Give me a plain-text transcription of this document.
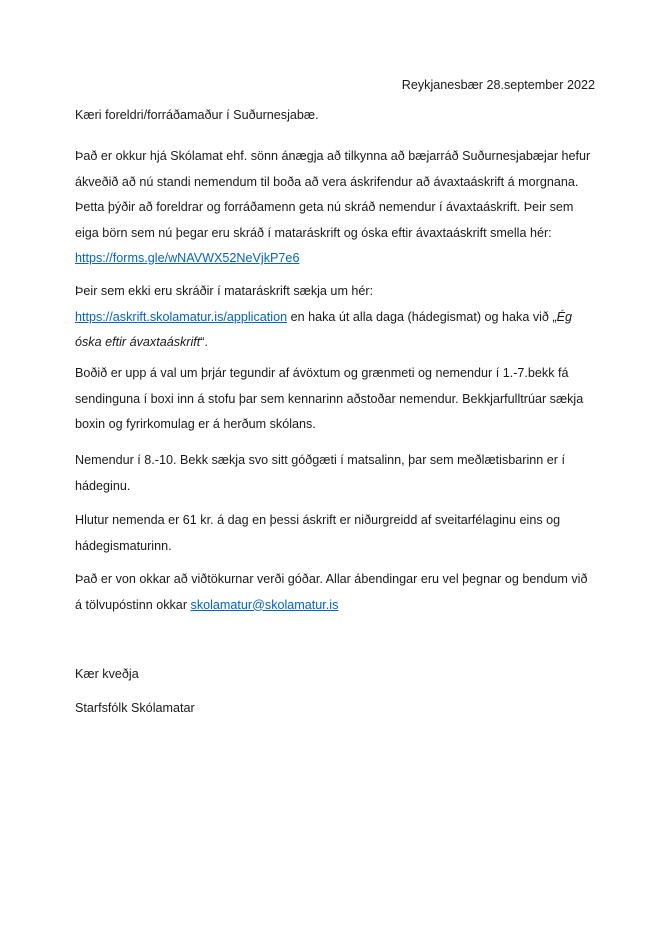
Reykjanesbær 28.september 2022

Kæri foreldri/forráðamaður í Suðurnesjabæ.

Það er okkur hjá Skólamat ehf. sönn ánægja að tilkynna að bæjarráð Suðurnesjabæjar hefur ákveðið að nú standi nemendum til boða að vera áskrifendur að ávaxtaáskrift á morgnana. Þetta þýðir að foreldrar og forráðamenn geta nú skráð nemendur í ávaxtaáskrift. Þeir sem eiga börn sem nú þegar eru skráð í mataráskrift og óska eftir ávaxtaáskrift smella hér:
https://forms.gle/wNAVWX52NeVjkP7e6

Þeir sem ekki eru skráðir í mataráskrift sækja um hér:
https://askrift.skolamatur.is/application en haka út alla daga (hádegismat) og haka við „Ég óska eftir ávaxtaáskrift“.

Boðið er upp á val um þrjár tegundir af ávöxtum og grænmeti og nemendur í 1.-7.bekk fá sendinguna í boxi inn á stofu þar sem kennarinn aðstoðar nemendur. Bekkjarfulltrúar sækja boxin og fyrirkomulag er á herðum skólans.

Nemendur í 8.-10. Bekk sækja svo sitt góðgæti í matsalinn, þar sem meðlætisbarinn er í hádeginu.

Hlutur nemenda er 61 kr. á dag en þessi áskrift er niðurgreidd af sveitarfélaginu eins og hádegismaturinn.

Það er von okkar að viðtökurnar verði góðar. Allar ábendingar eru vel þegnar og bendum við á tölvupóstinn okkar skolamatur@skolamatur.is

Kær kveðja

Starfsfólk Skólamatar
